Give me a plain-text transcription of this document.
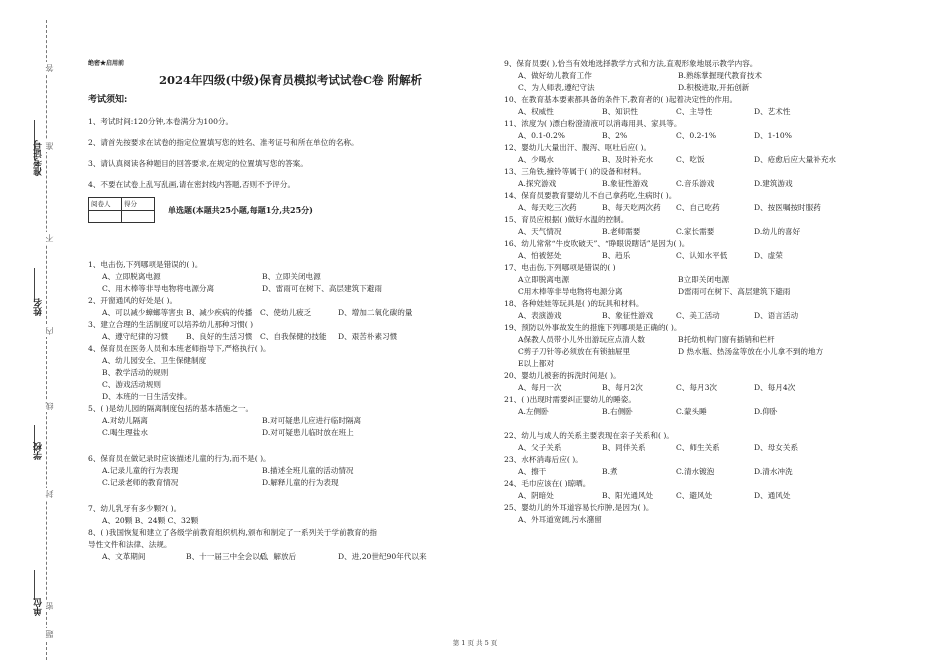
准考证号
姓名
学校
单位 密
封
线
内
不
准
答
题
绝密★启用前
2024年四级(中级)保育员模拟考试试卷C卷 附解析
考试须知:
1、考试时间:120分钟,本卷满分为100分。
2、请首先按要求在试卷的指定位置填写您的姓名、准考证号和所在单位的名称。
3、请认真阅读各种题目的回答要求,在规定的位置填写您的答案。
4、不要在试卷上乱写乱画,请在密封线内答题,否则不予评分。
阅卷人	得分

单选题(本题共25小题,每题1分,共25分)
1、电击伤,下列哪项是错误的( )。
A、立即脱离电源	B、立即关闭电源
C、用木棒等非导电物将电源分离	D、雷雨可在树下、高层建筑下避雨
2、开窗通风的好处是( )。
A、可以减少蟑螂等害虫 B、减少疾病的传播 C、使幼儿疲乏	D、增加二氧化碳的量
3、建立合理的生活制度可以培养幼儿那种习惯( )
A、遵守纪律的习惯 B、良好的生活习惯 C、自我保健的技能 D、艰苦朴素习惯
4、保育员在医务人员和本班老师指导下,严格执行( )。
A、幼儿园安全、卫生保健制度
B、教学活动的规则
C、游戏活动规则
D、本班的一日生活安排。
5、( )是幼儿园的隔离制度包括的基本措施之一。
A.对幼儿隔离	B.对可疑患儿应进行临时隔离
C.喝生理盐水	D.对可疑患儿临时放在班上
6、保育员在做记录时应该描述儿童的行为,而不是( )。
A.记录儿童的行为表现	B.描述全班儿童的活动情况
C.记录老师的教育情况	D.解释儿童的行为表现
7、幼儿乳牙有多少颗?( )。
A、20颗 B、24颗 C、32颗
8、( )我国恢复和建立了各级学前教育组织机构,颁布和制定了一系列关于学前教育的指
导性文件和法律、法规。
A、文革期间	B、十一届三中全会以后
C、解放后	D、进,20世纪90年代以来
9、保育员要( ),恰当有效地选择教学方式和方法,直观形象地展示教学内容。
A、做好幼儿教育工作	B.熟练掌握现代教育技术
C、为人师表,遵纪守法	D.积极进取,开拓创新
10、在教育基本要素都具备的条件下,教育者的( )起着决定性的作用。
A、权威性	B、知识性	C、主导性	D、艺术性
11、浓度为( )漂白粉澄清液可以消毒用具、家具等。
A、0.1-0.2%	B、2%	C、0.2-1%	D、1-10%
12、婴幼儿大量出汗、腹泻、呕吐后应( )。
A、少喝水	B、及时补充水	C、吃饭	D、疮愈后应大量补充水
13、三角铁,撞铃等属于( )的设备和材料。
A.探究游戏	B.象征性游戏	C.音乐游戏	D.建筑游戏
14、保育员要教育婴幼儿不自己拿药吃,生病时( )。
A、每天吃三次药	B、每天吃两次药 C、自己吃药	D、按医嘱按时服药
15、育员应根据( )做好水温的控制。
A、天气情况	B.老师需要	C.家长需要	D.幼儿的喜好
16、幼儿常常“牛皮吹破天”、“睁眼说瞎话”是因为( )。
A、怕被惩处	B、趋乐	C、认知水平低	D、虚荣
17、电击伤,下列哪项是错误的( )
A立即脱离电源	B立即关闭电源
C用木棒等非导电物将电源分离	D雷雨可在树下、高层建筑下避雨
18、各种娃娃等玩具是( )的玩具和材料。
A、表演游戏	B、象征性游戏	C、美工活动	D、语言活动
19、预防以外事故发生的措施下列哪项是正确的( )。
A保教人员带小儿外出游玩应点清人数	B托幼机构门窗有插销和栏杆
C剪子刀针等必须放在有锁抽屉里	D 热水瓶、热汤盆等放在小儿拿不到的地方
E以上都对
20、婴幼儿被套的拆洗时间是( )。
A、每月一次	B、每月2次	C、每月3次	D、每月4次
21、( )出现时需要纠正婴幼儿的睡姿。
A.左侧卧	B.右侧卧	C.蒙头睡	D.仰卧
22、幼儿与成人的关系主要表现在亲子关系和( )。
A、父子关系	B、同伴关系	C、师生关系	D、母女关系
23、水杯消毒后应( )。
A、擦干	B.煮	C.清水镀泡	D.清水冲洗
24、毛巾应该在( )晾晒。
A、阴暗处	B、阳光通风处	C、避风处	D、通风处
25、婴幼儿的外耳道容易长疖肿,是因为( )。
A、外耳道宽阔,污水潴留
第 1 页 共 5 页
